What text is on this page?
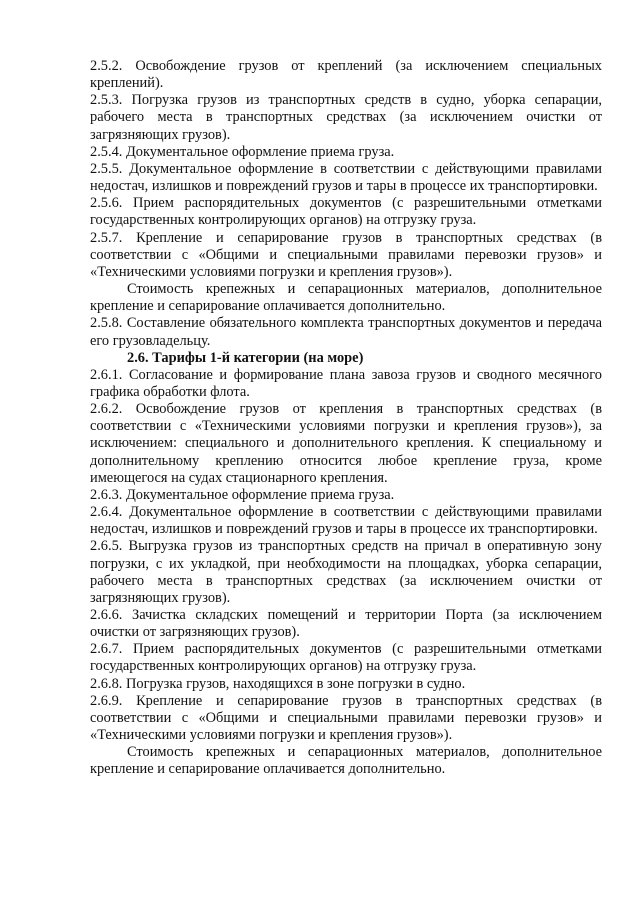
2.5.2. Освобождение грузов от креплений (за исключением специальных креплений).

2.5.3. Погрузка грузов из транспортных средств в судно, уборка сепарации, рабочего места в транспортных средствах (за исключением очистки от загрязняющих грузов).

2.5.4. Документальное оформление приема груза.

2.5.5. Документальное оформление в соответствии с действующими правилами недостач, излишков и повреждений грузов и тары в процессе их транспортировки.

2.5.6. Прием распорядительных документов (с разрешительными отметками государственных контролирующих органов) на отгрузку груза.

2.5.7. Крепление и сепарирование грузов в транспортных средствах (в соответствии с «Общими и специальными правилами перевозки грузов» и «Техническими условиями погрузки и крепления грузов»).

Стоимость крепежных и сепарационных материалов, дополнительное крепление и сепарирование оплачивается дополнительно.

2.5.8. Составление обязательного комплекта транспортных документов и передача его грузовладельцу.

2.6. Тарифы 1-й категории (на море)

2.6.1. Согласование и формирование плана завоза грузов и сводного месячного графика обработки флота.

2.6.2. Освобождение грузов от крепления в транспортных средствах (в соответствии с «Техническими условиями погрузки и крепления грузов»), за исключением: специального и дополнительного крепления. К специальному и дополнительному креплению относится любое крепление груза, кроме имеющегося на судах стационарного крепления.

2.6.3. Документальное оформление приема груза.

2.6.4. Документальное оформление в соответствии с действующими правилами недостач, излишков и повреждений грузов и тары в процессе их транспортировки.

2.6.5. Выгрузка грузов из транспортных средств на причал в оперативную зону погрузки, с их укладкой, при необходимости на площадках, уборка сепарации, рабочего места в транспортных средствах (за исключением очистки от загрязняющих грузов).

2.6.6. Зачистка складских помещений и территории Порта (за исключением очистки от загрязняющих грузов).

2.6.7. Прием распорядительных документов (с разрешительными отметками государственных контролирующих органов) на отгрузку груза.

2.6.8. Погрузка грузов, находящихся в зоне погрузки в судно.

2.6.9. Крепление и сепарирование грузов в транспортных средствах (в соответствии с «Общими и специальными правилами перевозки грузов» и «Техническими условиями погрузки и крепления грузов»).

Стоимость крепежных и сепарационных материалов, дополнительное крепление и сепарирование оплачивается дополнительно.
